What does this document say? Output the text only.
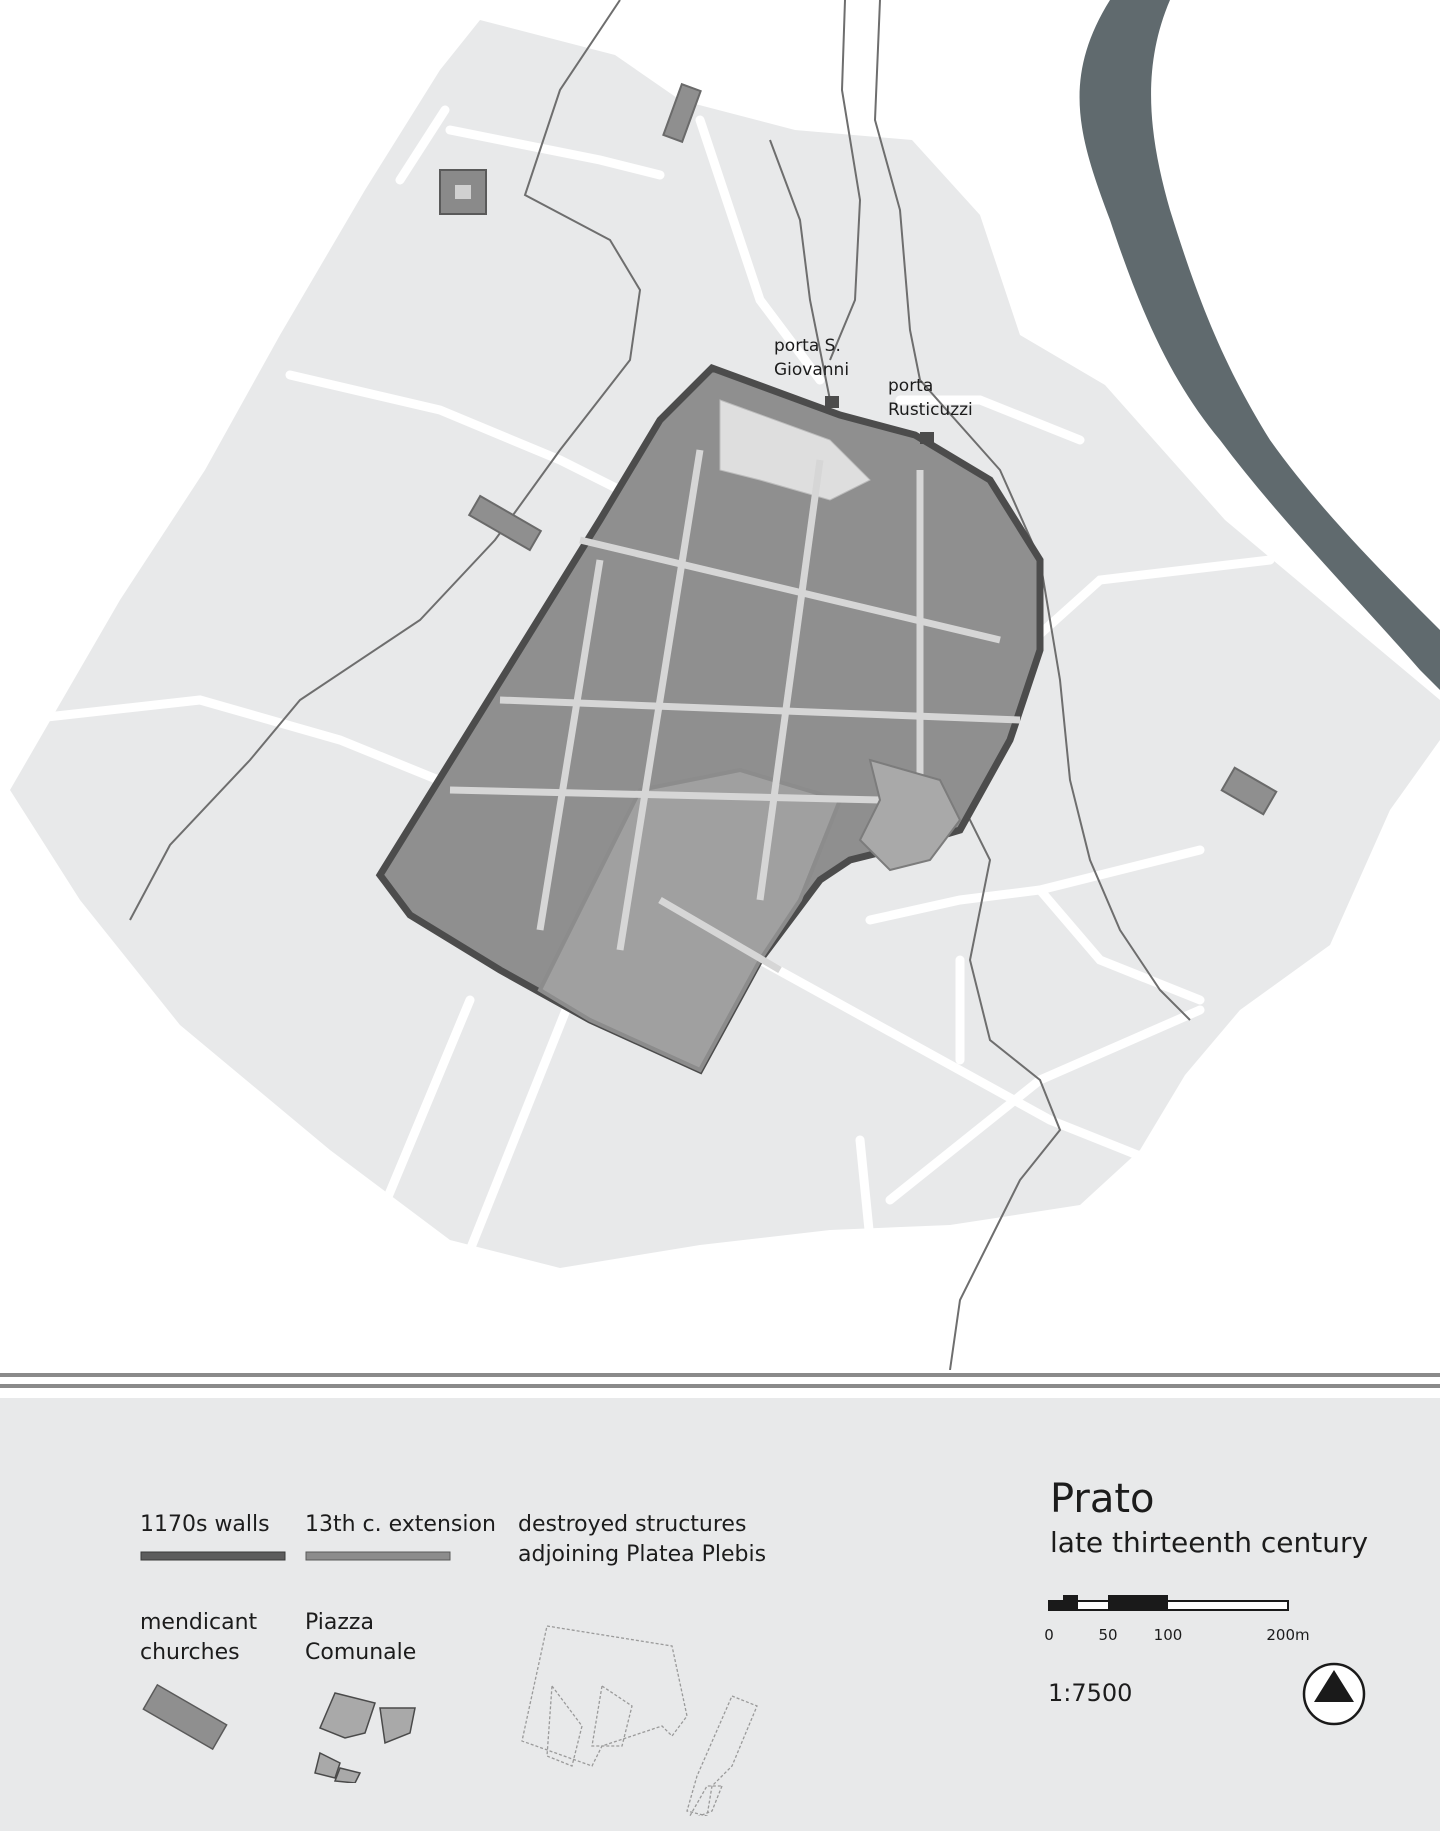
porta S.
Giovanni
porta
Rusticuzzi
1170s walls 13th c. extension destroyed structures
adjoining Platea Plebis
mendicant
churches
Piazza
Comunale
Prato
late thirteenth century
0	50 100	200m
1:7500
